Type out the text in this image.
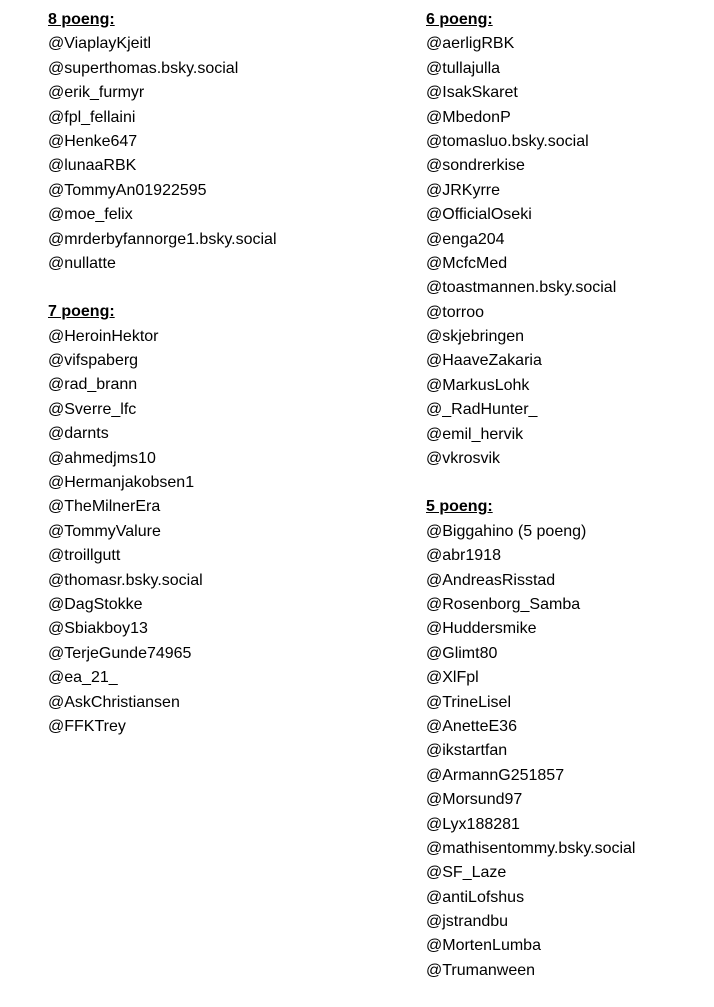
8 poeng:
@ViaplayKjeitl
@superthomas.bsky.social
@erik_furmyr
@fpl_fellaini
@Henke647
@lunaaRBK
@TommyAn01922595
@moe_felix
@mrderbyfannorge1.bsky.social
@nullatte
7 poeng:
@HeroinHektor
@vifspaberg
@rad_brann
@Sverre_lfc
@darnts
@ahmedjms10
@Hermanjakobsen1
@TheMilnerEra
@TommyValure
@troillgutt
@thomasr.bsky.social
@DagStokke
@Sbiakboy13
@TerjeGunde74965
@ea_21_
@AskChristiansen
@FFKTrey
6 poeng:
@aerligRBK
@tullajulla
@IsakSkaret
@MbedonP
@tomasluo.bsky.social
@sondrerkise
@JRKyrre
@OfficialOseki
@enga204
@McfcMed
@toastmannen.bsky.social
@torroo
@skjebringen
@HaaveZakaria
@MarkusLohk
@_RadHunter_
@emil_hervik
@vkrosvik
5 poeng:
@Biggahino (5 poeng)
@abr1918
@AndreasRisstad
@Rosenborg_Samba
@Huddersmike
@Glimt80
@XlFpl
@TrineLisel
@AnetteE36
@ikstartfan
@ArmannG251857
@Morsund97
@Lyx188281
@mathisentommy.bsky.social
@SF_Laze
@antiLofshus
@jstrandbu
@MortenLumba
@Trumanween
